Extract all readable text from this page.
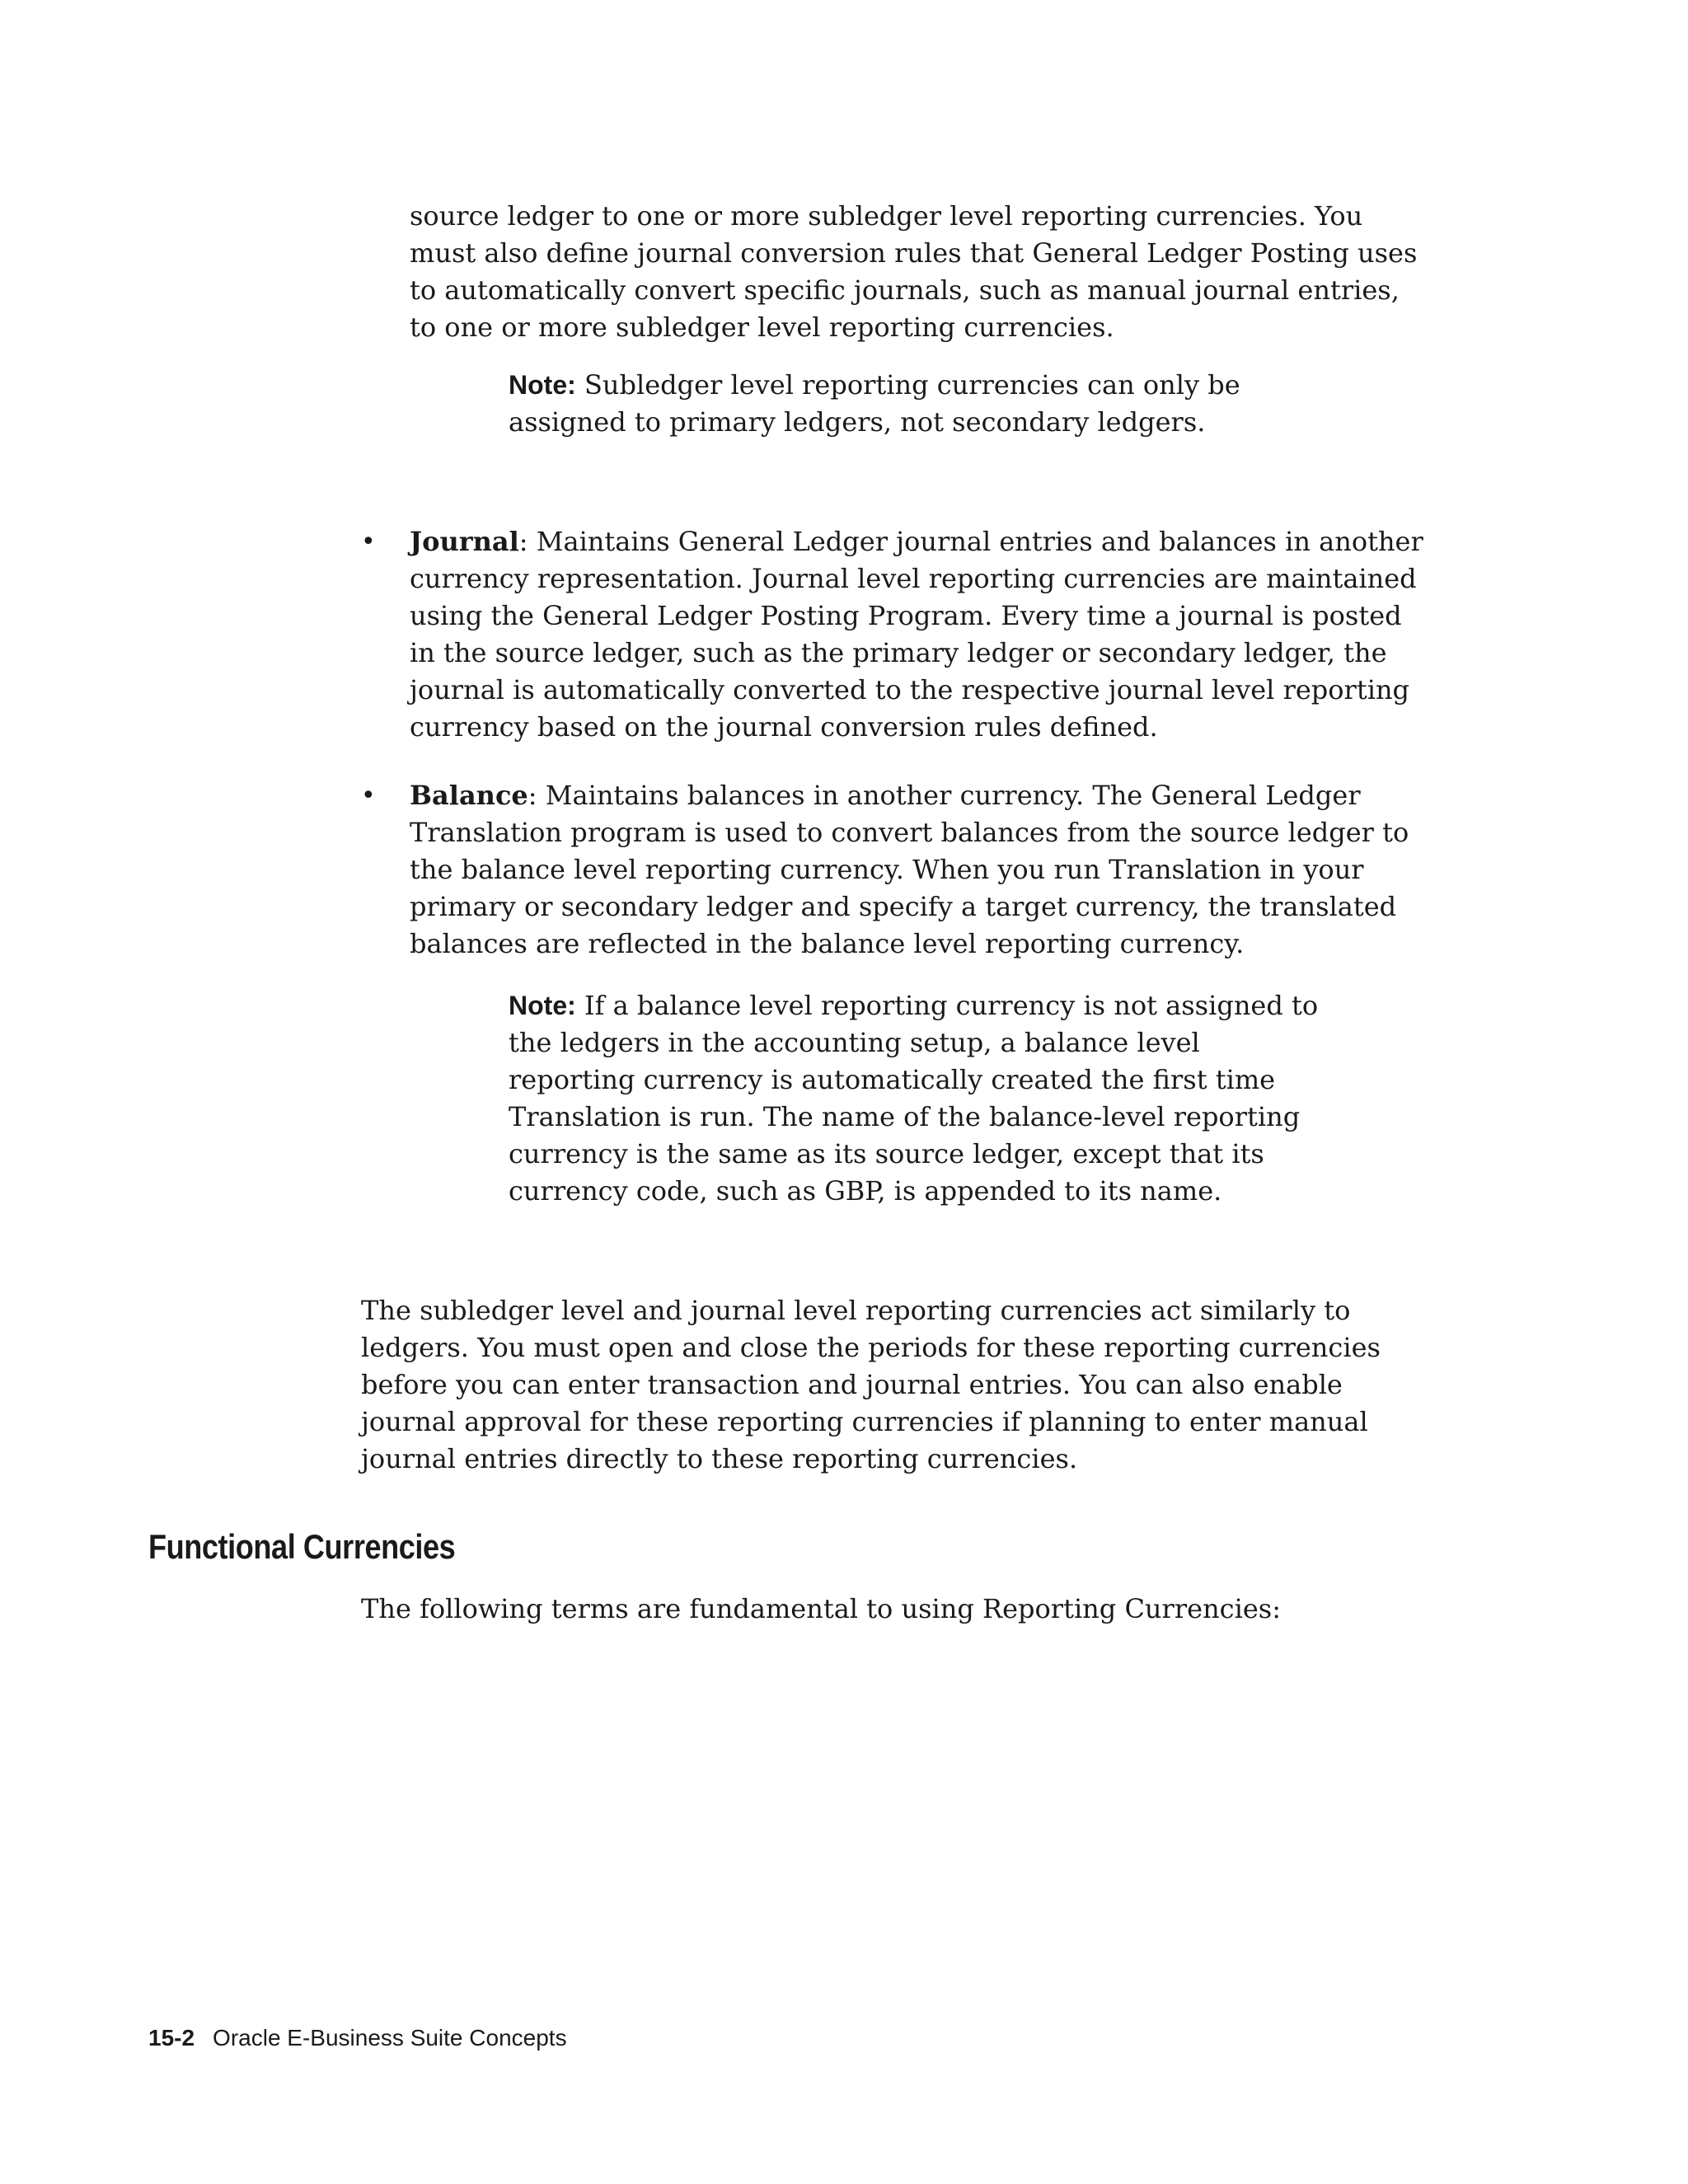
source ledger to one or more subledger level reporting currencies. You must also define journal conversion rules that General Ledger Posting uses to automatically convert specific journals, such as manual journal entries, to one or more subledger level reporting currencies.

Note: Subledger level reporting currencies can only be assigned to primary ledgers, not secondary ledgers.

•	Journal: Maintains General Ledger journal entries and balances in another currency representation. Journal level reporting currencies are maintained using the General Ledger Posting Program. Every time a journal is posted in the source ledger, such as the primary ledger or secondary ledger, the journal is automatically converted to the respective journal level reporting currency based on the journal conversion rules defined.

•	Balance: Maintains balances in another currency. The General Ledger Translation program is used to convert balances from the source ledger to the balance level reporting currency. When you run Translation in your primary or secondary ledger and specify a target currency, the translated balances are reflected in the balance level reporting currency.

Note: If a balance level reporting currency is not assigned to the ledgers in the accounting setup, a balance level reporting currency is automatically created the first time Translation is run. The name of the balance-level reporting currency is the same as its source ledger, except that its currency code, such as GBP, is appended to its name.

The subledger level and journal level reporting currencies act similarly to ledgers. You must open and close the periods for these reporting currencies before you can enter transaction and journal entries. You can also enable journal approval for these reporting currencies if planning to enter manual journal entries directly to these reporting currencies.

Functional Currencies

The following terms are fundamental to using Reporting Currencies:

15-2 Oracle E-Business Suite Concepts
